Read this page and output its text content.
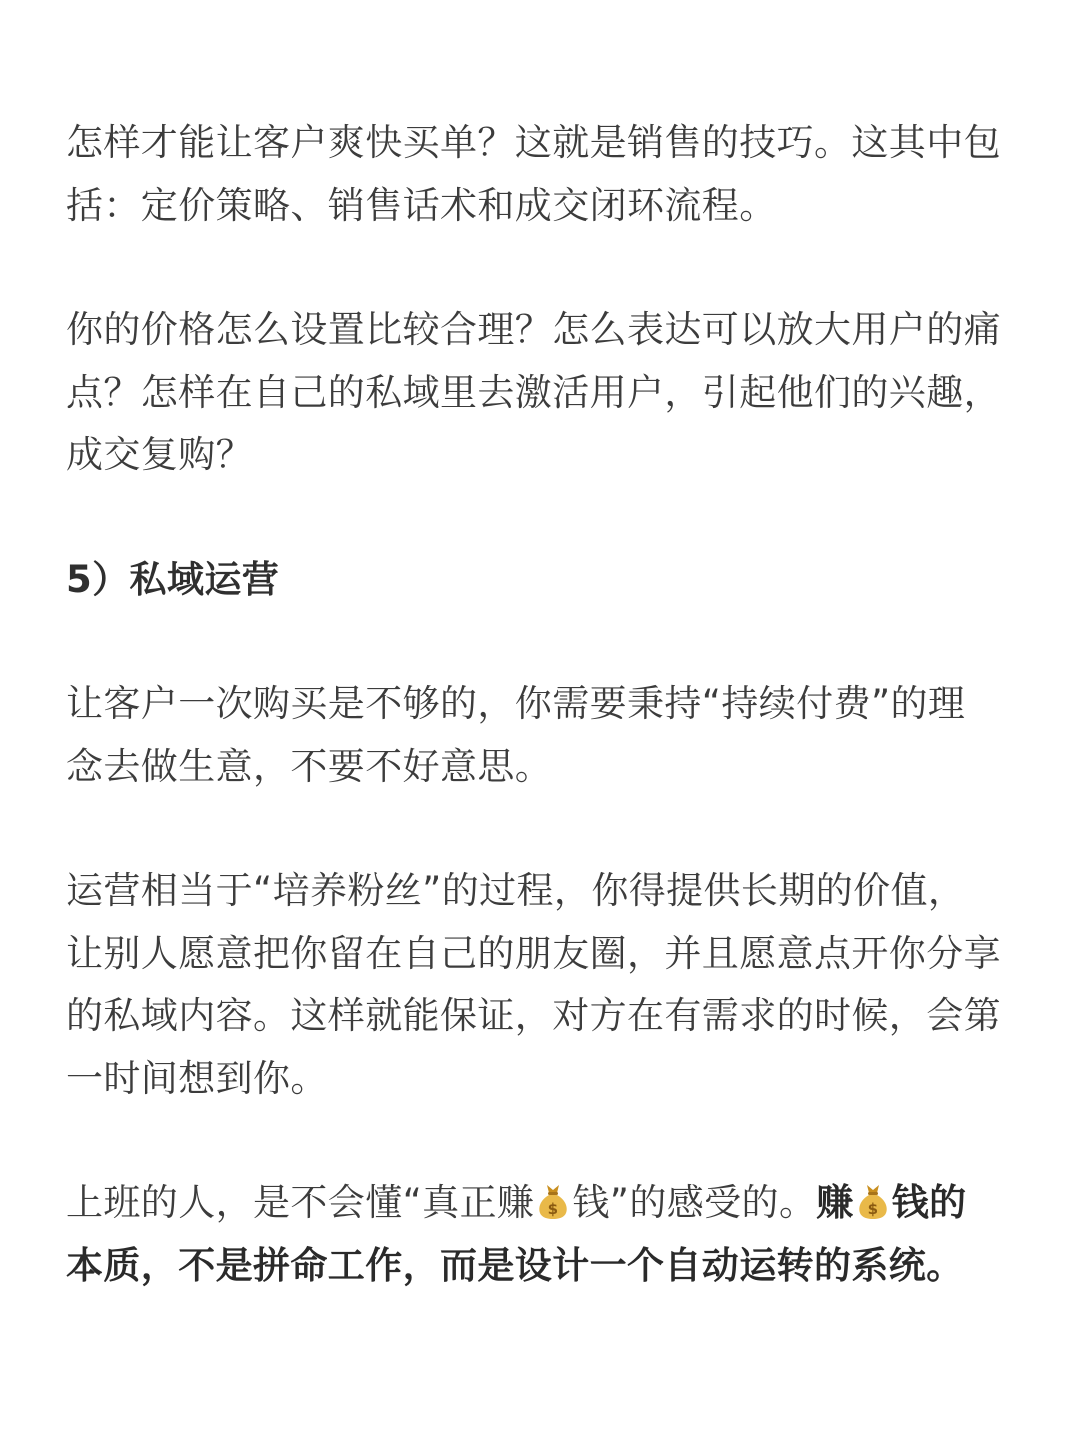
怎样才能让客户爽快买单？这就是销售的技巧。这其中包
括：定价策略、销售话术和成交闭环流程。

你的价格怎么设置比较合理？怎么表达可以放大用户的痛
点？怎样在自己的私域里去激活用户，引起他们的兴趣，
成交复购？

5）私域运营

让客户一次购买是不够的，你需要秉持“持续付费”的理
念去做生意，不要不好意思。

运营相当于“培养粉丝”的过程，你得提供长期的价值，
让别人愿意把你留在自己的朋友圈，并且愿意点开你分享
的私域内容。这样就能保证，对方在有需求的时候，会第
一时间想到你。

上班的人，是不会懂“真正赚 $ 钱”的感受的。赚 $ 钱的
本质，不是拼命工作，而是设计一个自动运转的系统。
